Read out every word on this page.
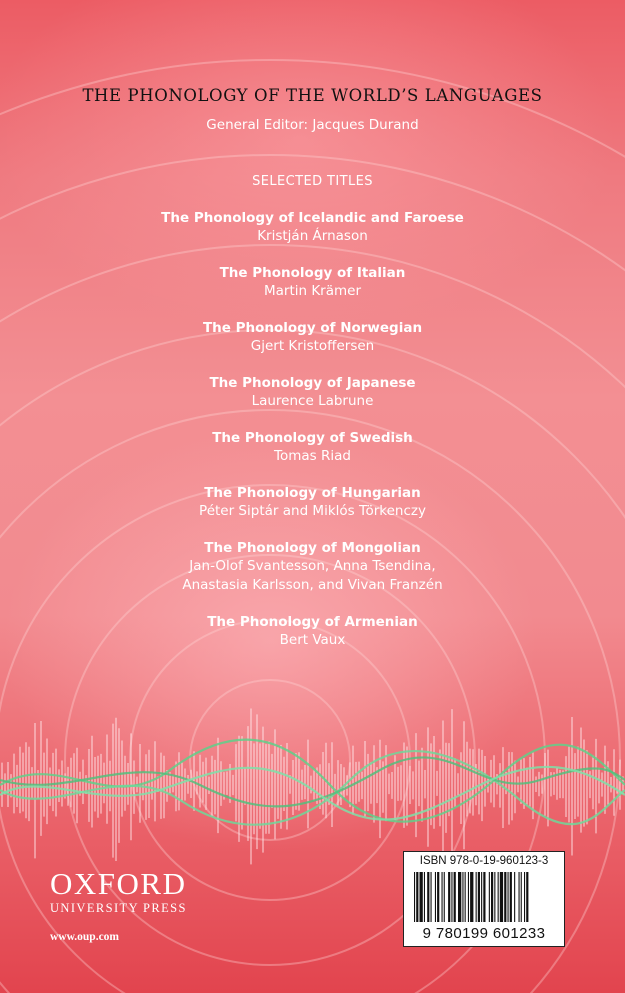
THE PHONOLOGY OF THE WORLD’S LANGUAGES
General Editor: Jacques Durand
SELECTED TITLES
The Phonology of Icelandic and Faroese
Kristján Árnason
The Phonology of Italian
Martin Krämer
The Phonology of Norwegian
Gjert Kristoffersen
The Phonology of Japanese
Laurence Labrune
The Phonology of Swedish
Tomas Riad
The Phonology of Hungarian
Péter Siptár and Miklós Törkenczy
The Phonology of Mongolian
Jan-Olof Svantesson, Anna Tsendina,
Anastasia Karlsson, and Vivan Franzén
The Phonology of Armenian
Bert Vaux
OXFORD
UNIVERSITY PRESS
www.oup.com
ISBN 978-0-19-960123-3
9 780199 601233
